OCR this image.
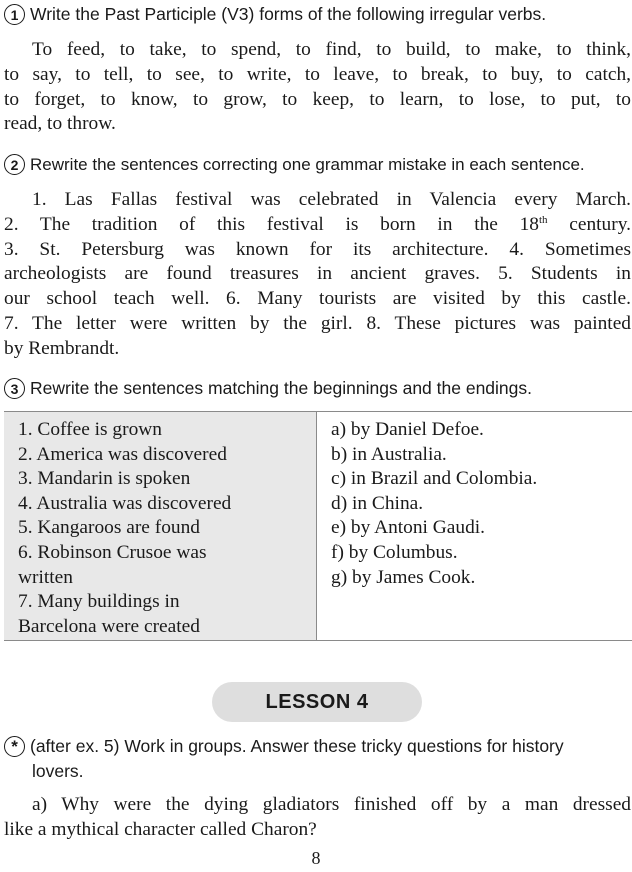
1 Write the Past Participle (V3) forms of the following irregular verbs.
To feed, to take, to spend, to find, to build, to make, to think,
to say, to tell, to see, to write, to leave, to break, to buy, to catch,
to forget, to know, to grow, to keep, to learn, to lose, to put, to
read, to throw.
2 Rewrite the sentences correcting one grammar mistake in each sentence.
1. Las Fallas festival was celebrated in Valencia every March.
2. The tradition of this festival is born in the 18th century.
3. St. Petersburg was known for its architecture. 4. Sometimes
archeologists are found treasures in ancient graves. 5. Students in
our school teach well. 6. Many tourists are visited by this castle.
7. The letter were written by the girl. 8. These pictures was painted
by Rembrandt.
3 Rewrite the sentences matching the beginnings and the endings.
1. Coffee is grown
2. America was discovered
3. Mandarin is spoken
4. Australia was discovered
5. Kangaroos are found
6. Robinson Crusoe was
written
7. Many buildings in
Barcelona were created
a) by Daniel Defoe.
b) in Australia.
c) in Brazil and Colombia.
d) in China.
e) by Antoni Gaudi.
f) by Columbus.
g) by James Cook.
LESSON 4
* (after ex. 5) Work in groups. Answer these tricky questions for history
lovers.
a) Why were the dying gladiators finished off by a man dressed
like a mythical character called Charon?
8
